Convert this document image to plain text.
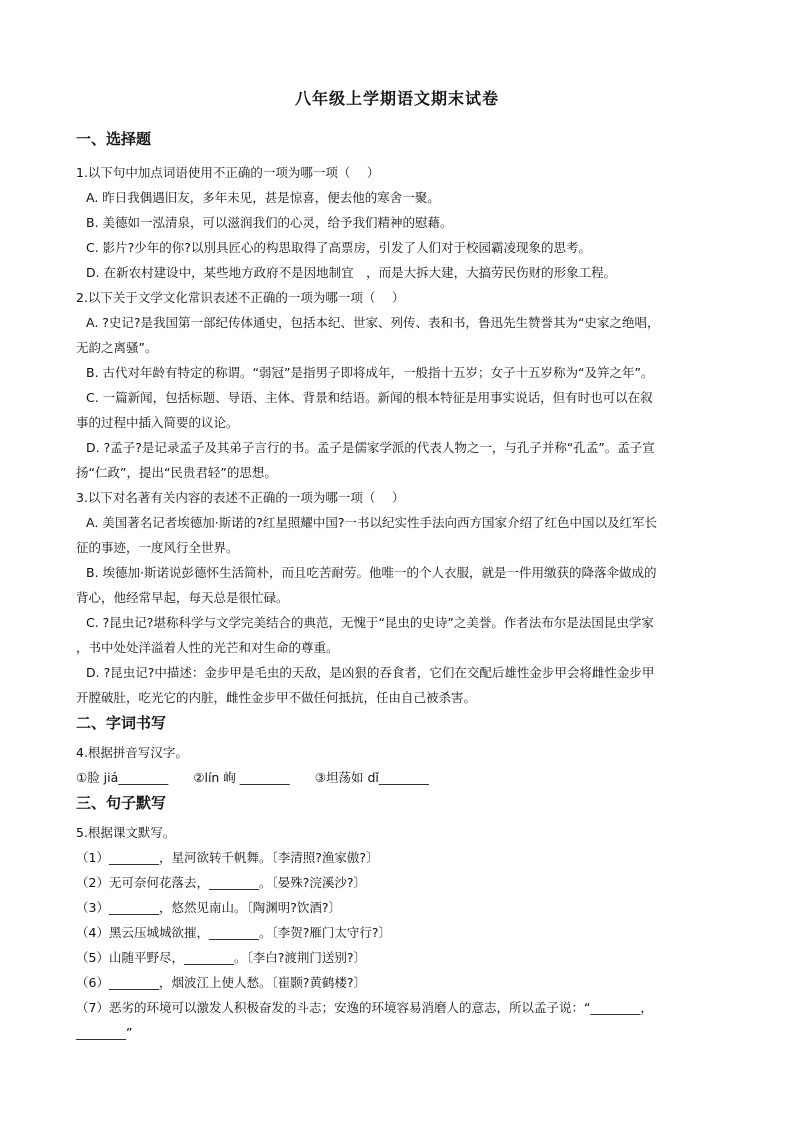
八年级上学期语文期末试卷
一、选择题
1.以下句中加点词语使用不正确的一项为哪一项（　 ）
A. 昨日我偶遇旧友，多年未见，甚是惊喜，便去他的寒舍一聚。
B. 美德如一泓清泉，可以滋润我们的心灵，给予我们精神的慰藉。
C. 影片?少年的你?以別具匠心的构思取得了高票房，引发了人们对于校园霸凌现象的思考。
D. 在新农村建设中，某些地方政府不是因地制宜　，而是大拆大建，大搞劳民伤财的形象工程。
2.以下关于文学文化常识表述不正确的一项为哪一项（　 ）
A. ?史记?是我国第一部纪传体通史，包括本纪、世家、列传、表和书，鲁迅先生赞誉其为“史家之绝唱，
无韵之离骚”。
B. 古代对年龄有特定的称谓。“弱冠”是指男子即将成年，一般指十五岁；女子十五岁称为“及笄之年”。
C. 一篇新闻，包括标题、导语、主体、背景和结语。新闻的根本特征是用事实说话，但有时也可以在叙
事的过程中插入简要的议论。
D. ?孟子?是记录孟子及其弟子言行的书。孟子是儒家学派的代表人物之一，与孔子并称“孔孟”。孟子宣
扬“仁政”，提出“民贵君轻”的思想。
3.以下对名著有关内容的表述不正确的一项为哪一项（　 ）
A. 美国著名记者埃德加·斯诺的?红星照耀中国?一书以纪实性手法向西方国家介绍了红色中国以及红军长
征的事迹，一度风行全世界。
B. 埃德加·斯诺说彭德怀生活简朴，而且吃苦耐劳。他唯一的个人衣服，就是一件用缴获的降落伞做成的
背心，他经常早起，每天总是很忙碌。
C. ?昆虫记?堪称科学与文学完美结合的典范，无愧于“昆虫的史诗”之美誉。作者法布尔是法国昆虫学家
，书中处处洋溢着人性的光芒和对生命的尊重。
D. ?昆虫记?中描述：金步甲是毛虫的天敌，是凶狠的吞食者，它们在交配后雄性金步甲会将雌性金步甲
开膛破肚，吃光它的内脏，雌性金步甲不做任何抵抗，任由自己被杀害。
二、字词书写
4.根据拼音写汉字。
①脸 jiá________　　②lín 峋 ________　　③坦荡如 dǐ________
三、句子默写
5.根据课文默写。
（1）________，星河欲转千帆舞。〔李清照?渔家傲?〕
（2）无可奈何花落去，________。〔晏殊?浣溪沙?〕
（3）________，悠然见南山。〔陶渊明?饮酒?〕
（4）黑云压城城欲摧，________。〔李贺?雁门太守行?〕
（5）山随平野尽，________。〔李白?渡荆门送别?〕
（6）________，烟波江上使人愁。〔崔颢?黄鹤楼?〕
（7）恶劣的环境可以激发人积极奋发的斗志；安逸的环境容易消磨人的意志，所以孟子说：“________，
________”
